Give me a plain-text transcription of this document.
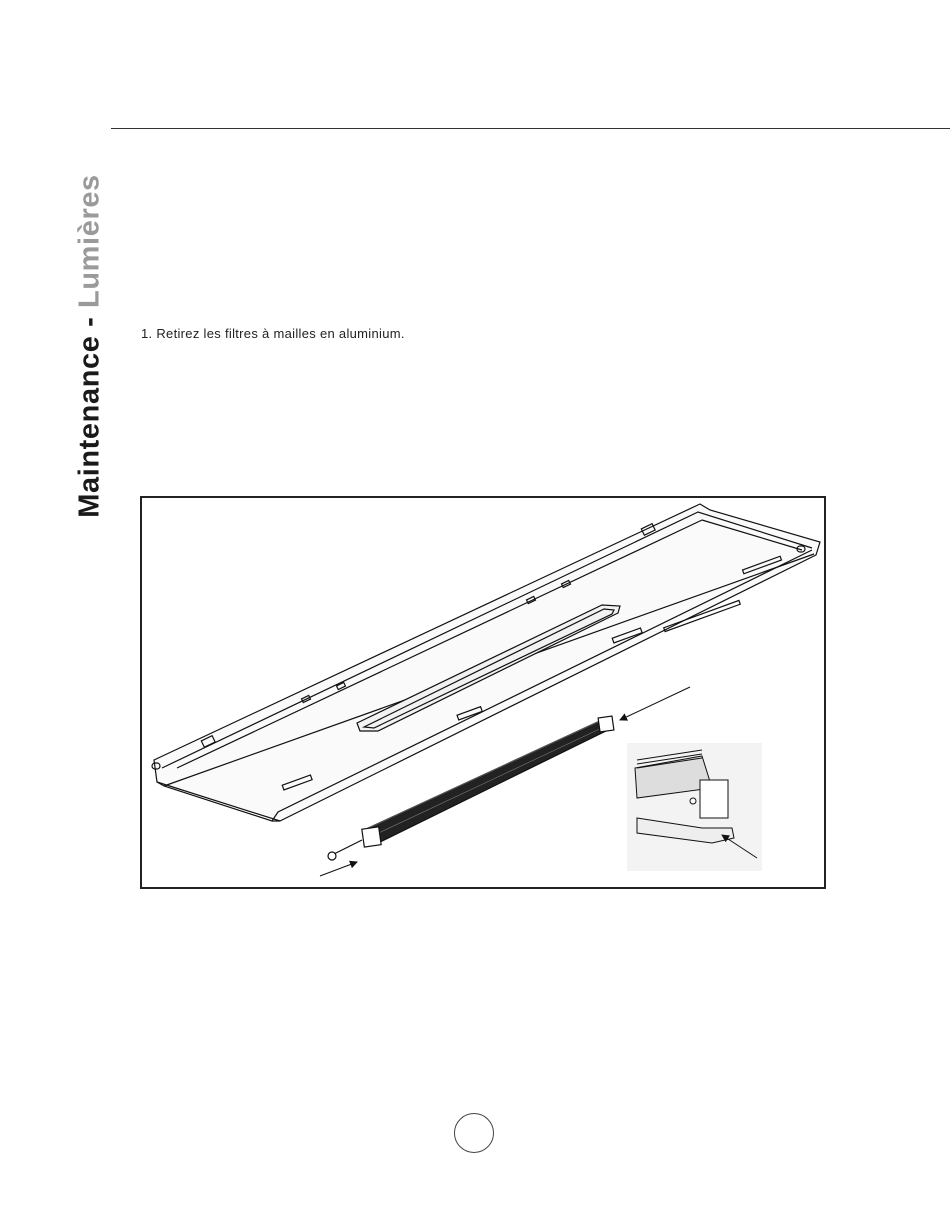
Maintenance - Lumières
1. Retirez les filtres à mailles en aluminium.
